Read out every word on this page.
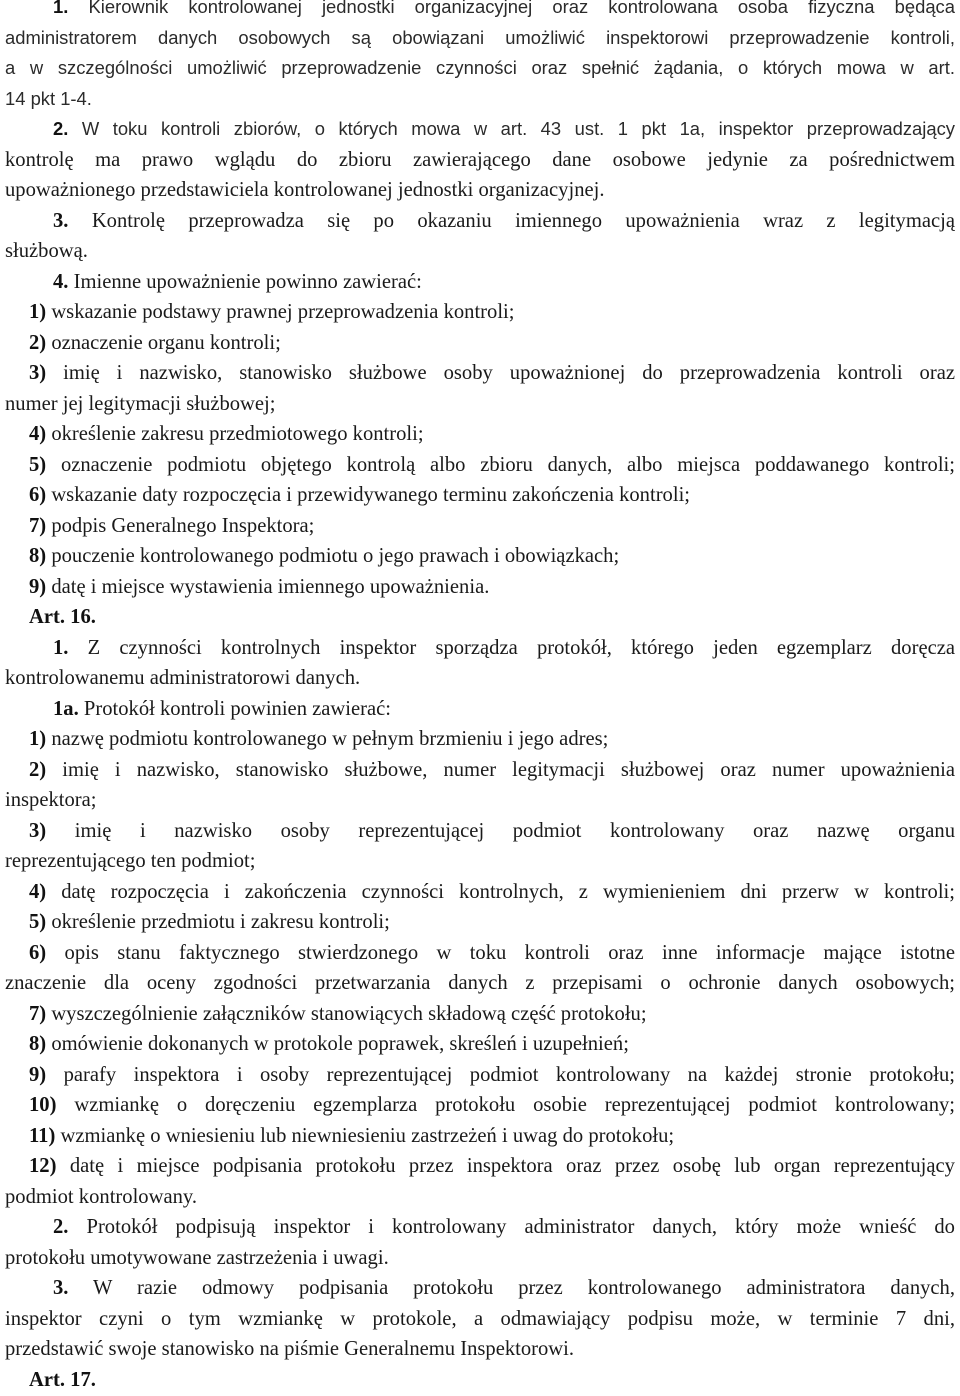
1. Kierownik kontrolowanej jednostki organizacyjnej oraz kontrolowana osoba fizyczna będąca

administratorem danych osobowych są obowiązani umożliwić inspektorowi przeprowadzenie kontroli,

a w szczególności umożliwić przeprowadzenie czynności oraz spełnić żądania, o których mowa w art.

14 pkt 1-4.

2. W toku kontroli zbiorów, o których mowa w art. 43 ust. 1 pkt 1a, inspektor przeprowadzający

kontrolę ma prawo wglądu do zbioru zawierającego dane osobowe jedynie za pośrednictwem

upoważnionego przedstawiciela kontrolowanej jednostki organizacyjnej.

3. Kontrolę przeprowadza się po okazaniu imiennego upoważnienia wraz z legitymacją

służbową.

4. Imienne upoważnienie powinno zawierać:

1) wskazanie podstawy prawnej przeprowadzenia kontroli;

2) oznaczenie organu kontroli;

3) imię i nazwisko, stanowisko służbowe osoby upoważnionej do przeprowadzenia kontroli oraz

numer jej legitymacji służbowej;

4) określenie zakresu przedmiotowego kontroli;

5) oznaczenie podmiotu objętego kontrolą albo zbioru danych, albo miejsca poddawanego kontroli;

6) wskazanie daty rozpoczęcia i przewidywanego terminu zakończenia kontroli;

7) podpis Generalnego Inspektora;

8) pouczenie kontrolowanego podmiotu o jego prawach i obowiązkach;

9) datę i miejsce wystawienia imiennego upoważnienia.

Art. 16.

1. Z czynności kontrolnych inspektor sporządza protokół, którego jeden egzemplarz doręcza

kontrolowanemu administratorowi danych.

1a. Protokół kontroli powinien zawierać:

1) nazwę podmiotu kontrolowanego w pełnym brzmieniu i jego adres;

2) imię i nazwisko, stanowisko służbowe, numer legitymacji służbowej oraz numer upoważnienia

inspektora;

3) imię i nazwisko osoby reprezentującej podmiot kontrolowany oraz nazwę organu

reprezentującego ten podmiot;

4) datę rozpoczęcia i zakończenia czynności kontrolnych, z wymienieniem dni przerw w kontroli;

5) określenie przedmiotu i zakresu kontroli;

6) opis stanu faktycznego stwierdzonego w toku kontroli oraz inne informacje mające istotne

znaczenie dla oceny zgodności przetwarzania danych z przepisami o ochronie danych osobowych;

7) wyszczególnienie załączników stanowiących składową część protokołu;

8) omówienie dokonanych w protokole poprawek, skreśleń i uzupełnień;

9) parafy inspektora i osoby reprezentującej podmiot kontrolowany na każdej stronie protokołu;

10) wzmiankę o doręczeniu egzemplarza protokołu osobie reprezentującej podmiot kontrolowany;

11) wzmiankę o wniesieniu lub niewniesieniu zastrzeżeń i uwag do protokołu;

12) datę i miejsce podpisania protokołu przez inspektora oraz przez osobę lub organ reprezentujący

podmiot kontrolowany.

2. Protokół podpisują inspektor i kontrolowany administrator danych, który może wnieść do

protokołu umotywowane zastrzeżenia i uwagi.

3. W razie odmowy podpisania protokołu przez kontrolowanego administratora danych,

inspektor czyni o tym wzmiankę w protokole, a odmawiający podpisu może, w terminie 7 dni,

przedstawić swoje stanowisko na piśmie Generalnemu Inspektorowi.

Art. 17.
